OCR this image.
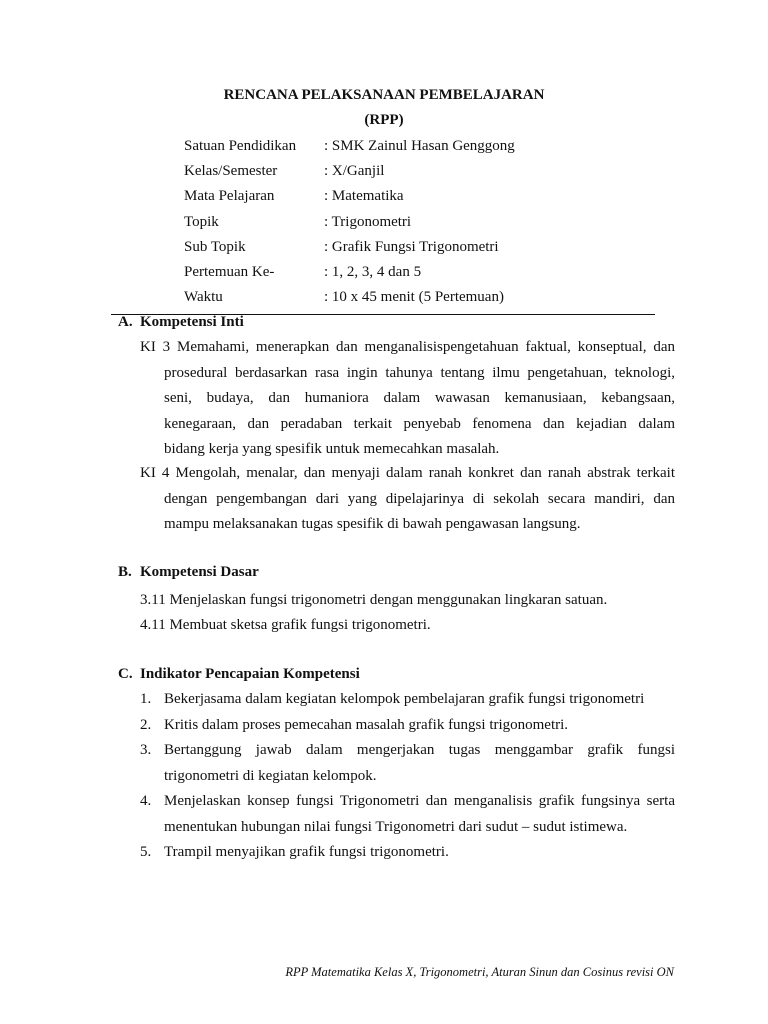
RENCANA PELAKSANAAN PEMBELAJARAN
(RPP)
Satuan Pendidikan	: SMK Zainul Hasan Genggong
Kelas/Semester	: X/Ganjil
Mata Pelajaran	: Matematika
Topik	: Trigonometri
Sub Topik	: Grafik Fungsi Trigonometri
Pertemuan Ke-	: 1, 2, 3, 4 dan 5
Waktu	: 10 x 45 menit (5 Pertemuan)
A. Kompetensi Inti
KI 3 Memahami, menerapkan dan menganalisispengetahuan faktual, konseptual, dan
prosedural berdasarkan rasa ingin tahunya tentang ilmu pengetahuan, teknologi,
seni, budaya, dan humaniora dalam wawasan kemanusiaan, kebangsaan,
kenegaraan, dan peradaban terkait penyebab fenomena dan kejadian dalam
bidang kerja yang spesifik untuk memecahkan masalah.
KI 4 Mengolah, menalar, dan menyaji dalam ranah konkret dan ranah abstrak terkait
dengan pengembangan dari yang dipelajarinya di sekolah secara mandiri, dan
mampu melaksanakan tugas spesifik di bawah pengawasan langsung.
B. Kompetensi Dasar
3.11 Menjelaskan fungsi trigonometri dengan menggunakan lingkaran satuan.
4.11 Membuat sketsa grafik fungsi trigonometri.
C. Indikator Pencapaian Kompetensi
1. Bekerjasama dalam kegiatan kelompok pembelajaran grafik fungsi trigonometri
2. Kritis dalam proses pemecahan masalah grafik fungsi trigonometri.
3. Bertanggung jawab dalam mengerjakan tugas menggambar grafik fungsi
trigonometri di kegiatan kelompok.
4. Menjelaskan konsep fungsi Trigonometri dan menganalisis grafik fungsinya serta
menentukan hubungan nilai fungsi Trigonometri dari sudut – sudut istimewa.
5. Trampil menyajikan grafik fungsi trigonometri.
RPP Matematika Kelas X, Trigonometri, Aturan Sinun dan Cosinus revisi ON
